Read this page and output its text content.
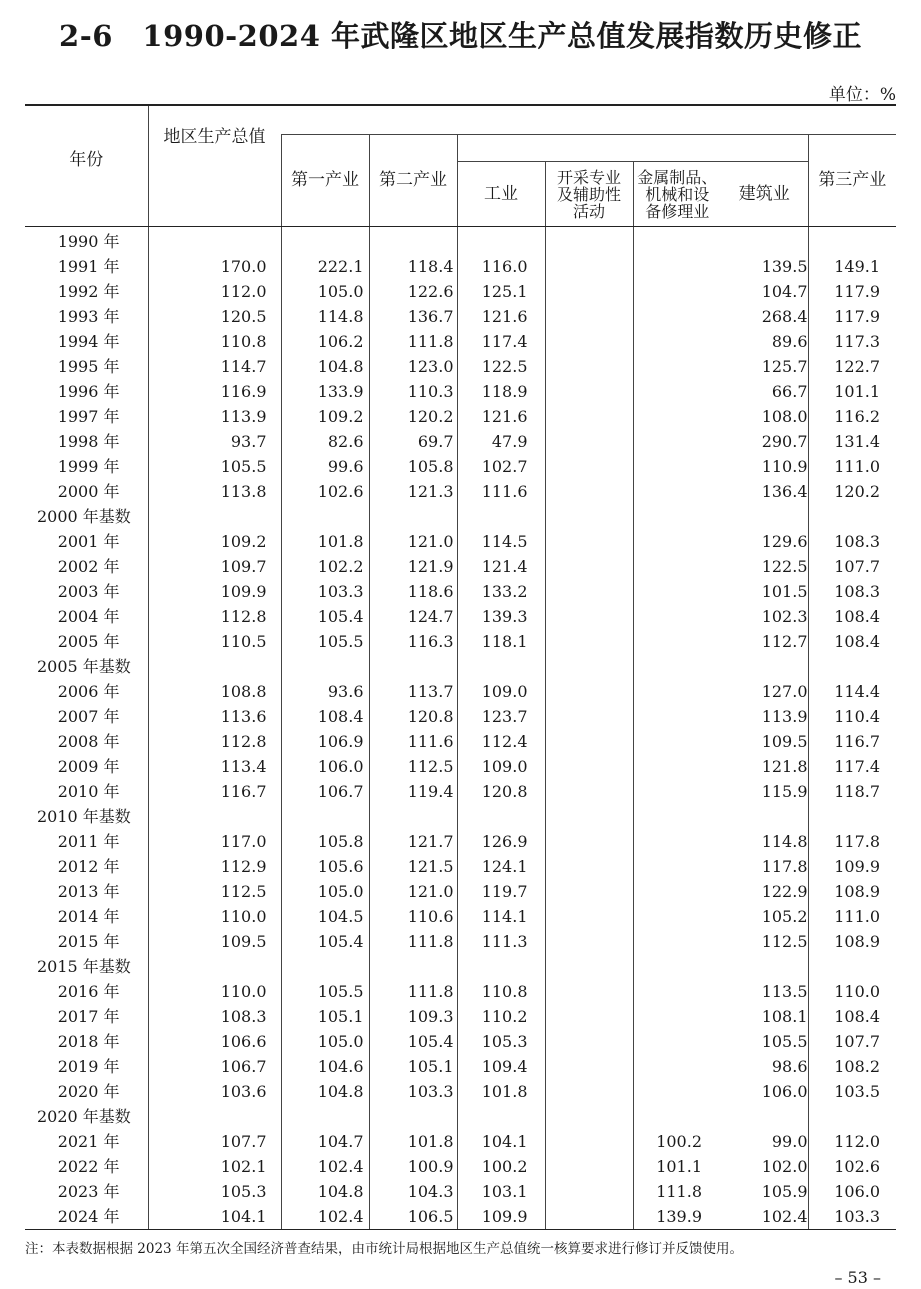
2-6　1990-2024 年武隆区地区生产总值发展指数历史修正
单位：%
年份	地区生产总值							
		第一产业	第二产业					第三产业
				工业	开采专业
及辅助性
活动	金属制品、
机械和设
备修理业	建筑业	
1990 年								
1991 年	170.0	222.1	118.4	116.0			139.5	149.1
1992 年	112.0	105.0	122.6	125.1			104.7	117.9
1993 年	120.5	114.8	136.7	121.6			268.4	117.9
1994 年	110.8	106.2	111.8	117.4			89.6	117.3
1995 年	114.7	104.8	123.0	122.5			125.7	122.7
1996 年	116.9	133.9	110.3	118.9			66.7	101.1
1997 年	113.9	109.2	120.2	121.6			108.0	116.2
1998 年	93.7	82.6	69.7	47.9			290.7	131.4
1999 年	105.5	99.6	105.8	102.7			110.9	111.0
2000 年	113.8	102.6	121.3	111.6			136.4	120.2
2000 年基数								
2001 年	109.2	101.8	121.0	114.5			129.6	108.3
2002 年	109.7	102.2	121.9	121.4			122.5	107.7
2003 年	109.9	103.3	118.6	133.2			101.5	108.3
2004 年	112.8	105.4	124.7	139.3			102.3	108.4
2005 年	110.5	105.5	116.3	118.1			112.7	108.4
2005 年基数								
2006 年	108.8	93.6	113.7	109.0			127.0	114.4
2007 年	113.6	108.4	120.8	123.7			113.9	110.4
2008 年	112.8	106.9	111.6	112.4			109.5	116.7
2009 年	113.4	106.0	112.5	109.0			121.8	117.4
2010 年	116.7	106.7	119.4	120.8			115.9	118.7
2010 年基数								
2011 年	117.0	105.8	121.7	126.9			114.8	117.8
2012 年	112.9	105.6	121.5	124.1			117.8	109.9
2013 年	112.5	105.0	121.0	119.7			122.9	108.9
2014 年	110.0	104.5	110.6	114.1			105.2	111.0
2015 年	109.5	105.4	111.8	111.3			112.5	108.9
2015 年基数								
2016 年	110.0	105.5	111.8	110.8			113.5	110.0
2017 年	108.3	105.1	109.3	110.2			108.1	108.4
2018 年	106.6	105.0	105.4	105.3			105.5	107.7
2019 年	106.7	104.6	105.1	109.4			98.6	108.2
2020 年	103.6	104.8	103.3	101.8			106.0	103.5
2020 年基数								
2021 年	107.7	104.7	101.8	104.1		100.2	99.0	112.0
2022 年	102.1	102.4	100.9	100.2		101.1	102.0	102.6
2023 年	105.3	104.8	104.3	103.1		111.8	105.9	106.0
2024 年	104.1	102.4	106.5	109.9		139.9	102.4	103.3
注：本表数据根据 2023 年第五次全国经济普查结果，由市统计局根据地区生产总值统一核算要求进行修订并反馈使用。
– 53 –
